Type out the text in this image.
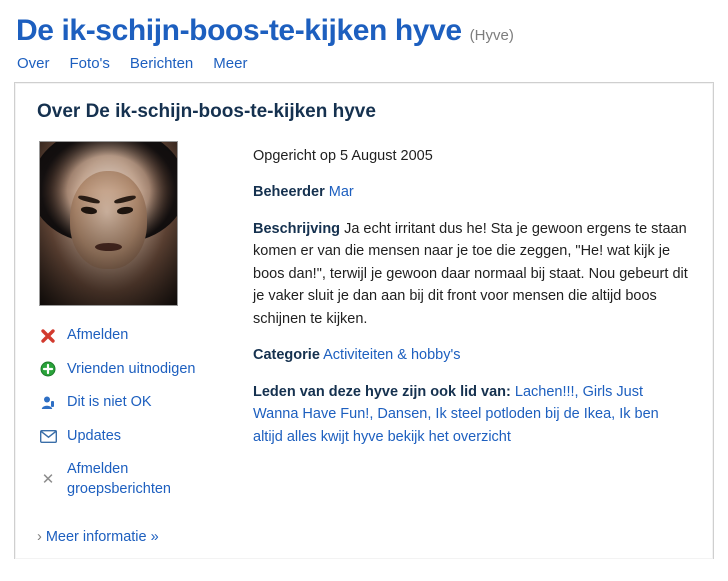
De ik-schijn-boos-te-kijken hyve (Hyve)
Over Foto's Berichten Meer
Over De ik-schijn-boos-te-kijken hyve
Afmelden
Vrienden uitnodigen
Dit is niet OK
Updates
✕
Afmelden groepsberichten

Opgericht op 5 August 2005

Beheerder Mar

Beschrijving Ja echt irritant dus he! Sta je gewoon ergens te staan komen er van die mensen naar je toe die zeggen, "He! wat kijk je boos dan!", terwijl je gewoon daar normaal bij staat. Nou gebeurt dit je vaker sluit je dan aan bij dit front voor mensen die altijd boos schijnen te kijken.

Categorie Activiteiten & hobby's

Leden van deze hyve zijn ook lid van: Lachen!!!, Girls Just Wanna Have Fun!, Dansen, Ik steel potloden bij de Ikea, Ik ben altijd alles kwijt hyve bekijk het overzicht

› Meer informatie »
